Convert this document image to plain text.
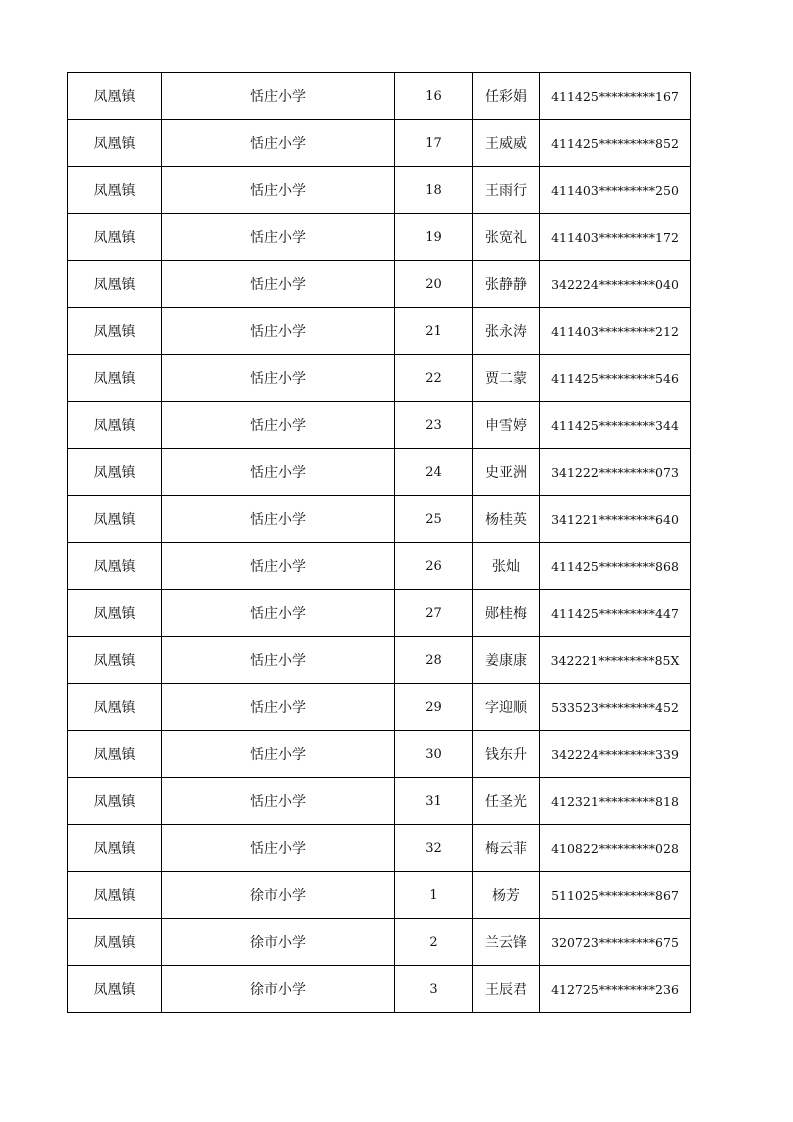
凤凰镇	恬庄小学	16	任彩娟	411425*********167
凤凰镇	恬庄小学	17	王威威	411425*********852
凤凰镇	恬庄小学	18	王雨行	411403*********250
凤凰镇	恬庄小学	19	张宽礼	411403*********172
凤凰镇	恬庄小学	20	张静静	342224*********040
凤凰镇	恬庄小学	21	张永涛	411403*********212
凤凰镇	恬庄小学	22	贾二蒙	411425*********546
凤凰镇	恬庄小学	23	申雪婷	411425*********344
凤凰镇	恬庄小学	24	史亚洲	341222*********073
凤凰镇	恬庄小学	25	杨桂英	341221*********640
凤凰镇	恬庄小学	26	张灿	411425*********868
凤凰镇	恬庄小学	27	郧桂梅	411425*********447
凤凰镇	恬庄小学	28	姜康康	342221*********85X
凤凰镇	恬庄小学	29	字迎顺	533523*********452
凤凰镇	恬庄小学	30	钱东升	342224*********339
凤凰镇	恬庄小学	31	任圣光	412321*********818
凤凰镇	恬庄小学	32	梅云菲	410822*********028
凤凰镇	徐市小学	1	杨芳	511025*********867
凤凰镇	徐市小学	2	兰云锋	320723*********675
凤凰镇	徐市小学	3	王辰君	412725*********236
